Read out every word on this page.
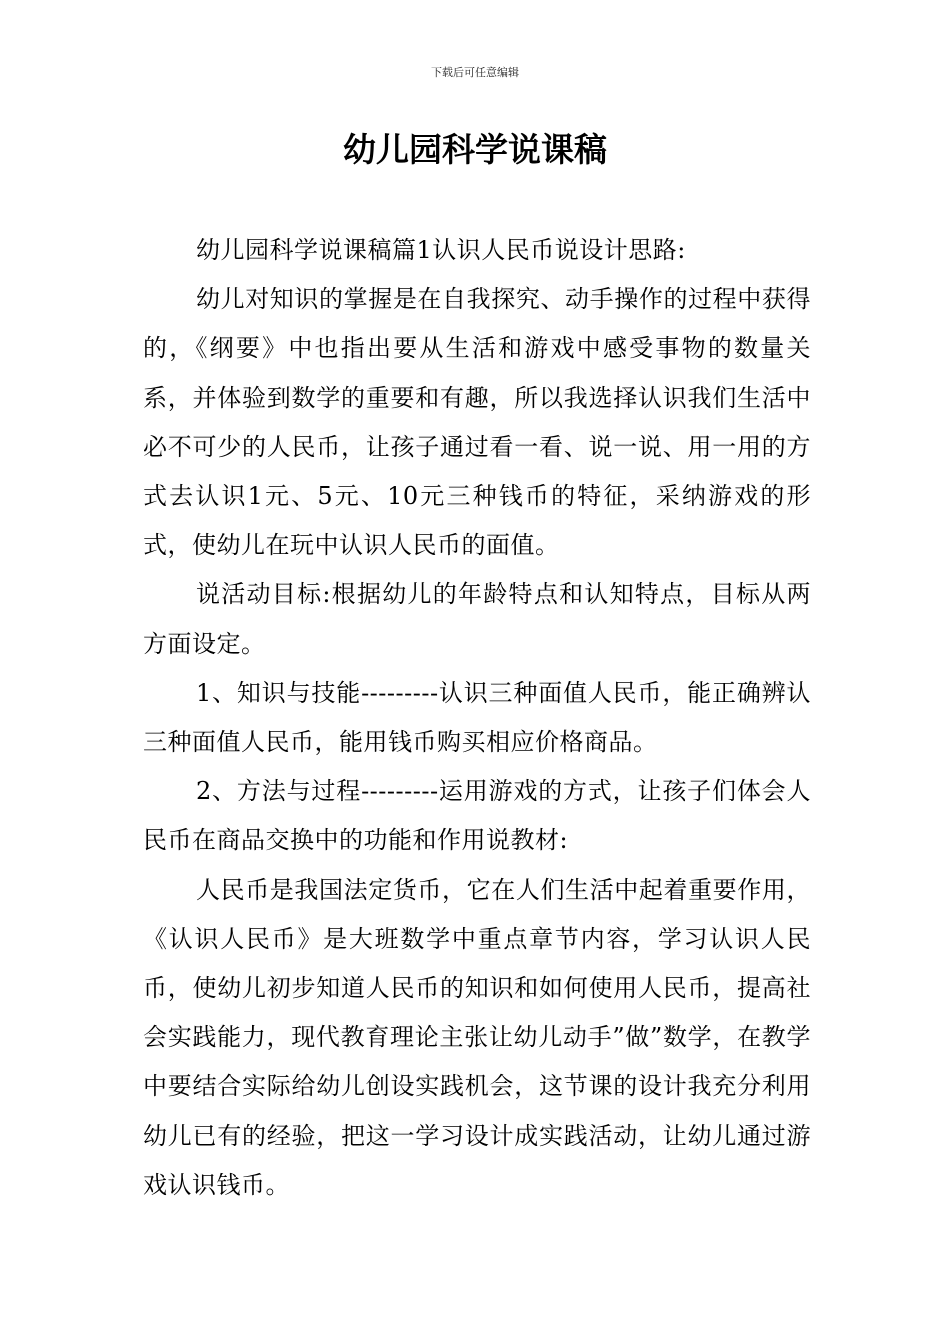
下载后可任意编辑
幼儿园科学说课稿

幼儿园科学说课稿篇1认识人民币说设计思路:

幼儿对知识的掌握是在自我探究、动手操作的过程中获得的，《纲要》中也指出要从生活和游戏中感受事物的数量关系，并体验到数学的重要和有趣，所以我选择认识我们生活中必不可少的人民币，让孩子通过看一看、说一说、用一用的方式去认识1元、5元、10元三种钱币的特征，采纳游戏的形式，使幼儿在玩中认识人民币的面值。

说活动目标:根据幼儿的年龄特点和认知特点，目标从两方面设定。

1、知识与技能---------认识三种面值人民币，能正确辨认三种面值人民币，能用钱币购买相应价格商品。

2、方法与过程---------运用游戏的方式，让孩子们体会人民币在商品交换中的功能和作用说教材:

人民币是我国法定货币，它在人们生活中起着重要作用，《认识人民币》是大班数学中重点章节内容，学习认识人民币，使幼儿初步知道人民币的知识和如何使用人民币，提高社会实践能力，现代教育理论主张让幼儿动手”做”数学，在教学中要结合实际给幼儿创设实践机会，这节课的设计我充分利用幼儿已有的经验，把这一学习设计成实践活动，让幼儿通过游戏认识钱币。
